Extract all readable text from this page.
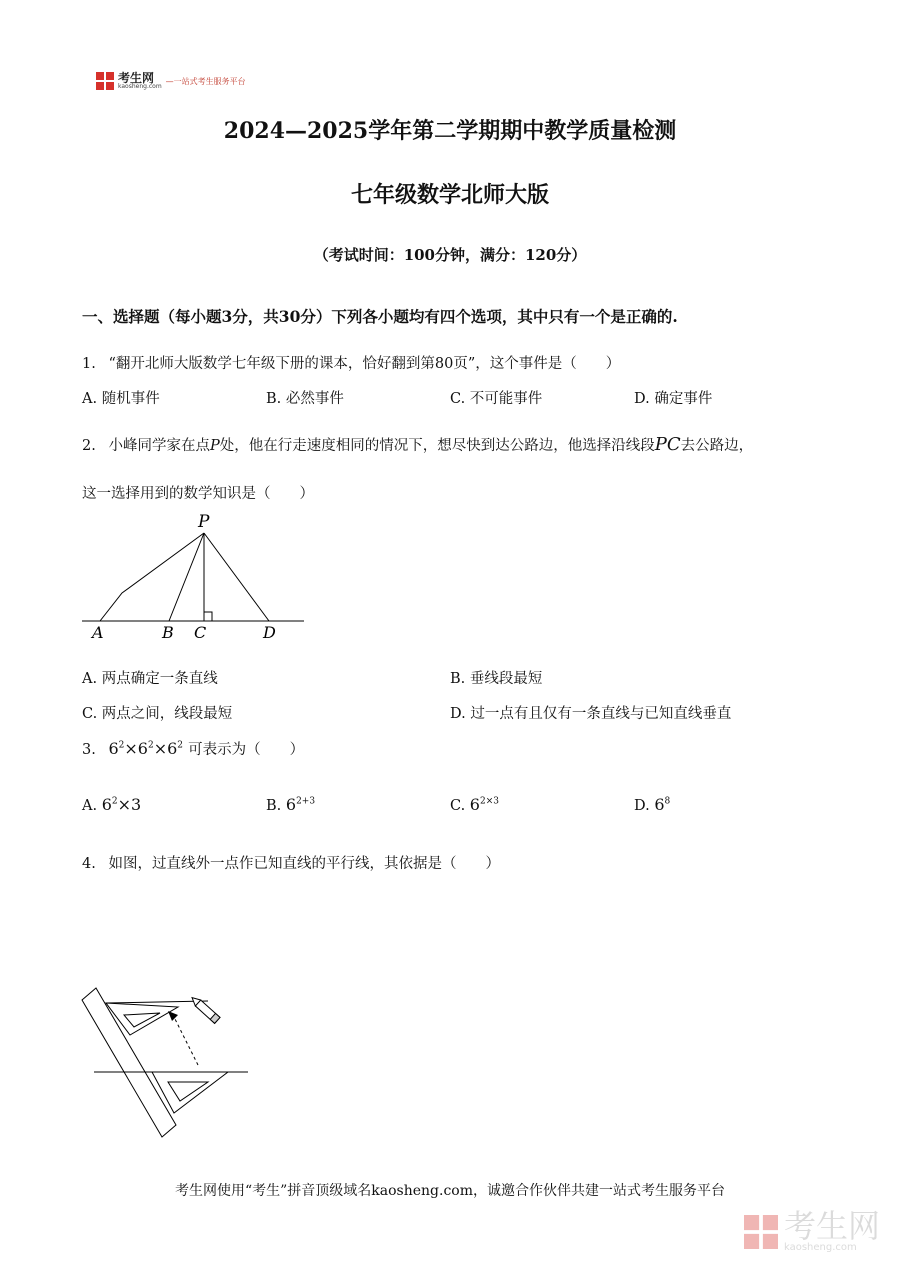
考生网
kaosheng.com
—一站式考生服务平台
2024—2025学年第二学期期中教学质量检测
七年级数学北师大版
（考试时间：100分钟，满分：120分）
一、选择题（每小题3分，共30分）下列各小题均有四个选项，其中只有一个是正确的.
1. “翻开北师大版数学七年级下册的课本，恰好翻到第80页”，这个事件是（　　）
A. 随机事件	B. 必然事件	C. 不可能事件	D. 确定事件
2. 小峰同学家在点P处，他在行走速度相同的情况下，想尽快到达公路边，他选择沿线段PC去公路边，
这一选择用到的数学知识是（　　）
P
A	B C	D
A. 两点确定一条直线	B. 垂线段最短
C. 两点之间，线段最短	D. 过一点有且仅有一条直线与已知直线垂直
3. $6^2\times 6^2\times 6^2$ 可表示为（　　）
A. $6^2\times 3$	B. $6^{2+3}$	C. $6^{2\times 3}$	D. $6^8$
4. 如图，过直线外一点作已知直线的平行线，其依据是（　　）
考生网使用“考生”拼音顶级域名kaosheng.com，诚邀合作伙伴共建一站式考生服务平台
考生网
kaosheng.com
